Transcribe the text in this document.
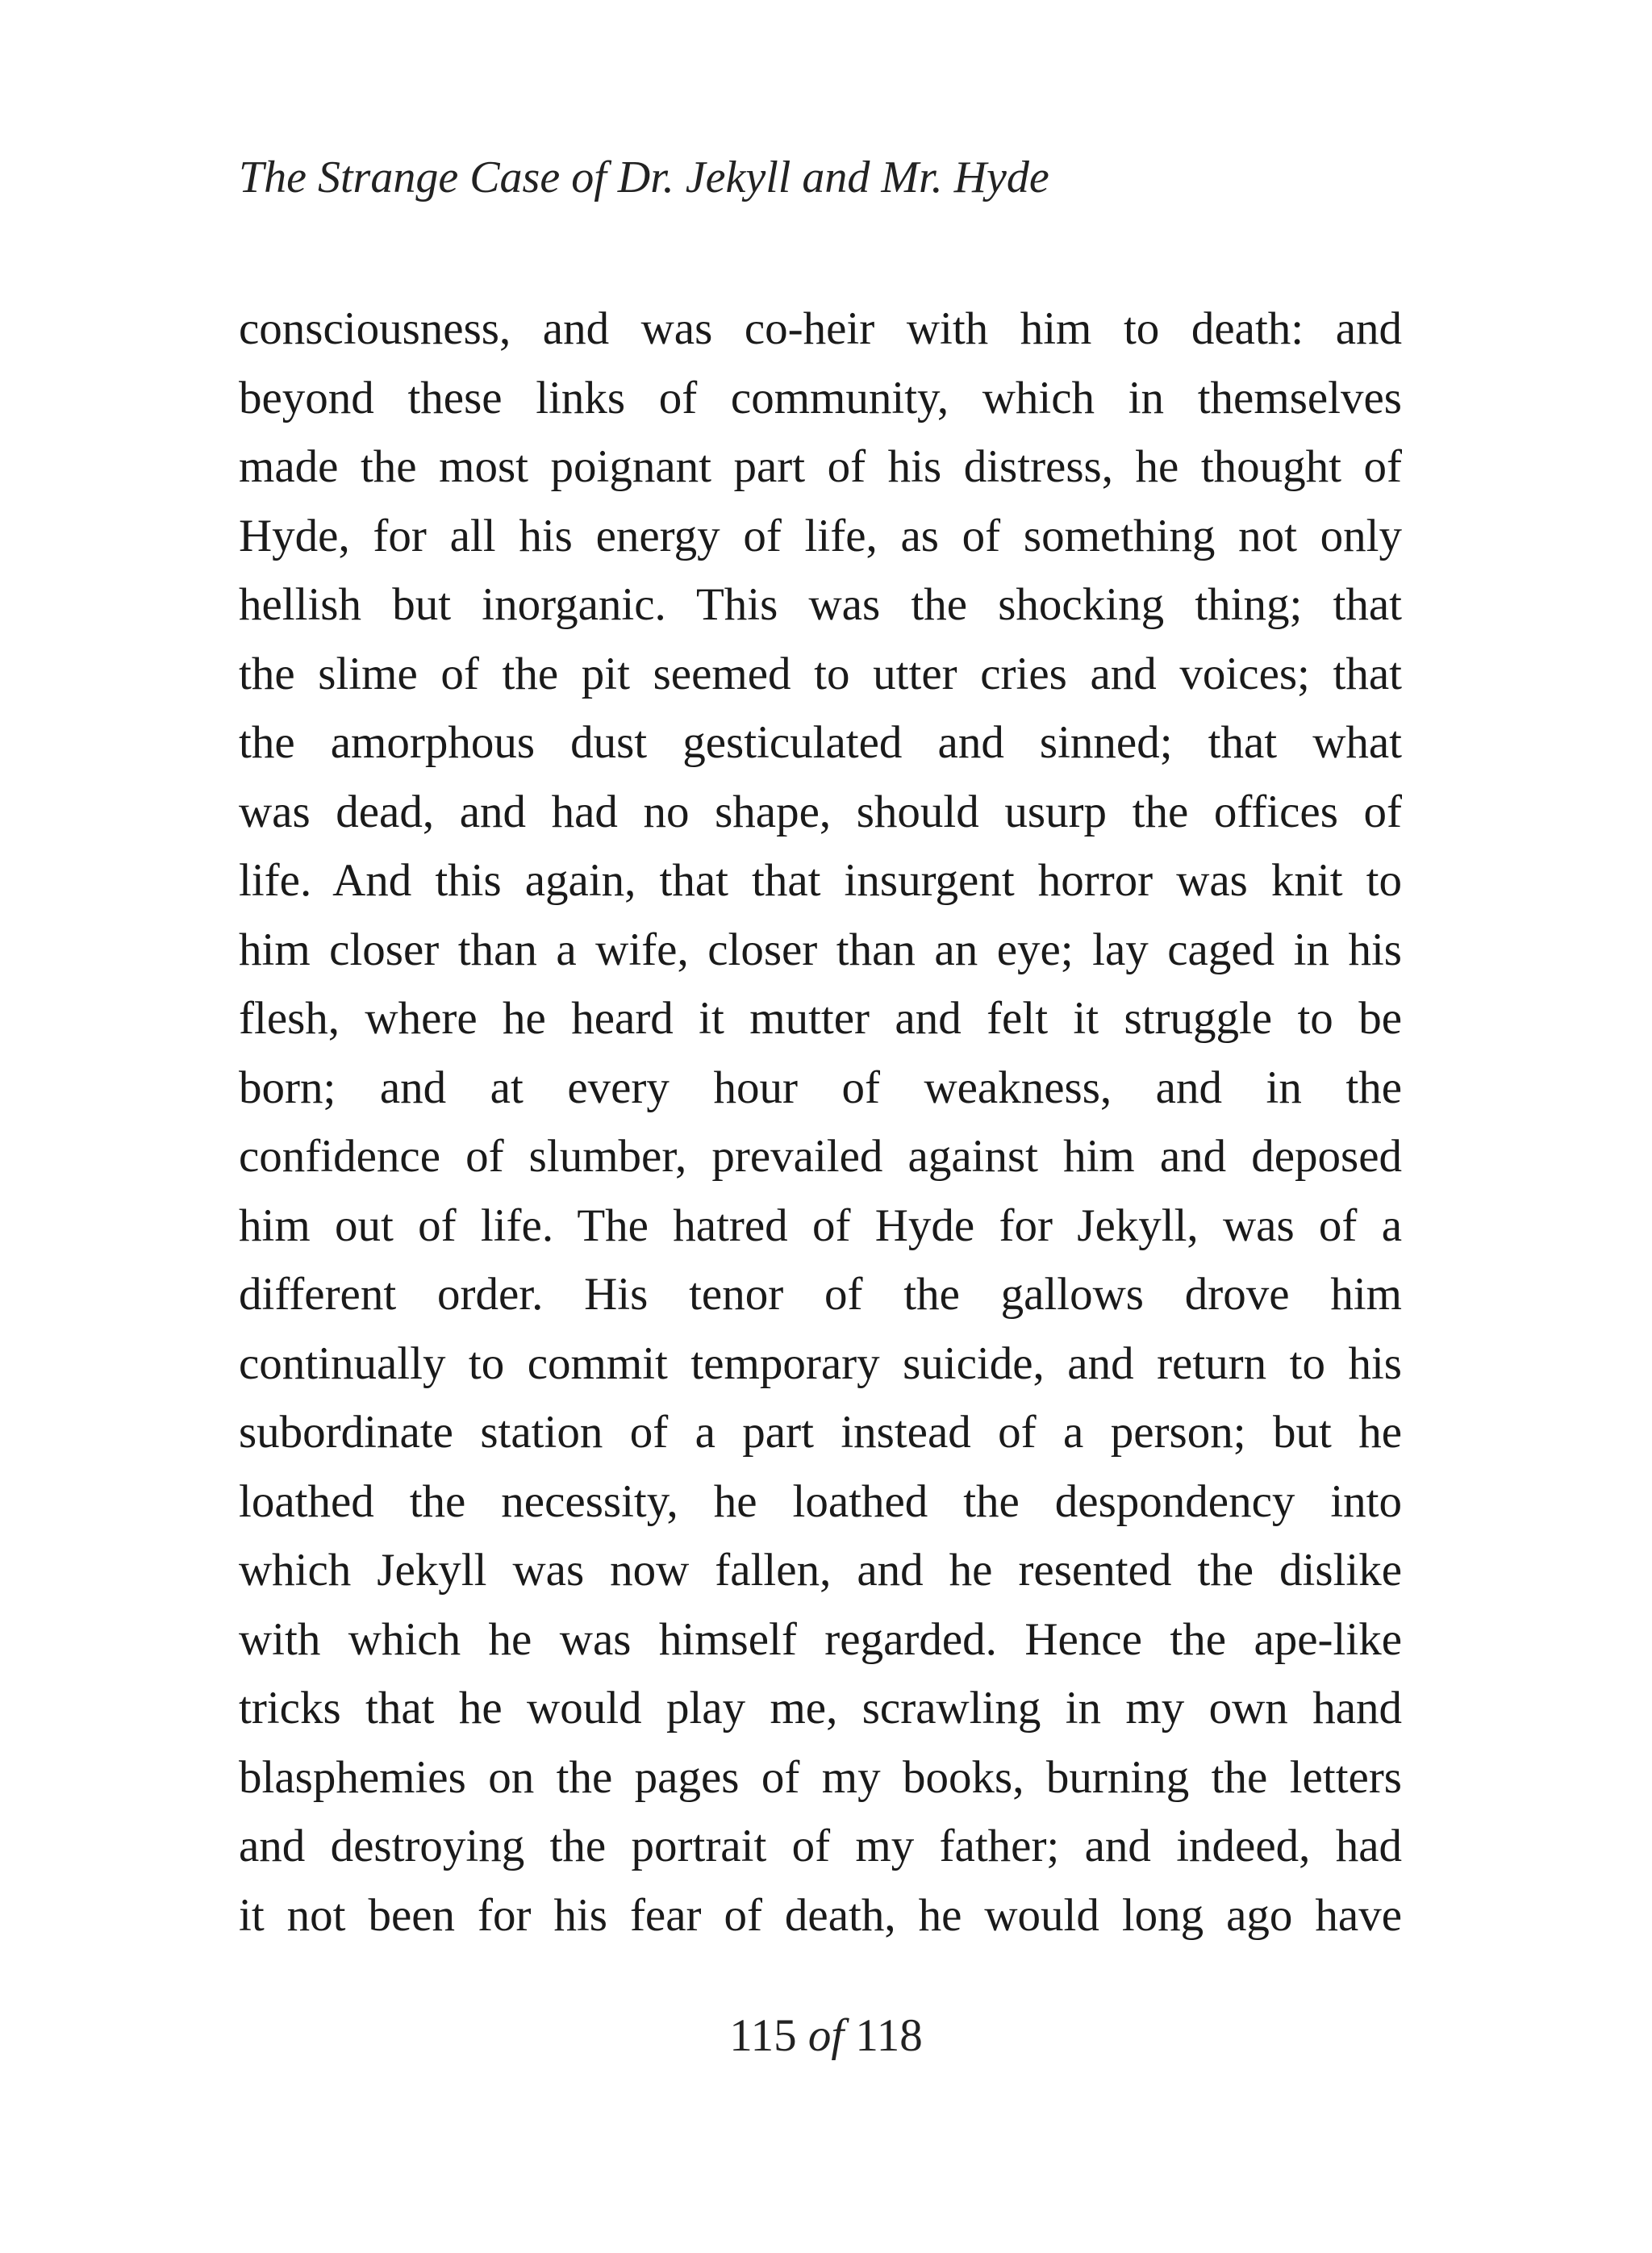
The Strange Case of Dr. Jekyll and Mr. Hyde
consciousness, and was co-heir with him to death: and
beyond these links of community, which in themselves
made the most poignant part of his distress, he thought of
Hyde, for all his energy of life, as of something not only
hellish but inorganic. This was the shocking thing; that
the slime of the pit seemed to utter cries and voices; that
the amorphous dust gesticulated and sinned; that what
was dead, and had no shape, should usurp the offices of
life. And this again, that that insurgent horror was knit to
him closer than a wife, closer than an eye; lay caged in his
flesh, where he heard it mutter and felt it struggle to be
born; and at every hour of weakness, and in the
confidence of slumber, prevailed against him and deposed
him out of life. The hatred of Hyde for Jekyll, was of a
different order. His tenor of the gallows drove him
continually to commit temporary suicide, and return to his
subordinate station of a part instead of a person; but he
loathed the necessity, he loathed the despondency into
which Jekyll was now fallen, and he resented the dislike
with which he was himself regarded. Hence the ape-like
tricks that he would play me, scrawling in my own hand
blasphemies on the pages of my books, burning the letters
and destroying the portrait of my father; and indeed, had
it not been for his fear of death, he would long ago have
115 of 118
